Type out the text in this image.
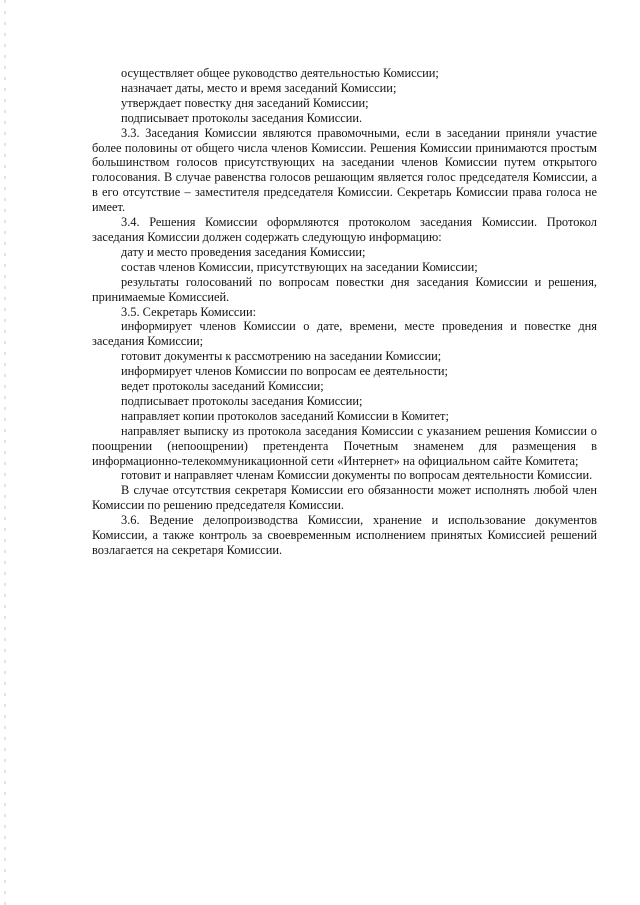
осуществляет общее руководство деятельностью Комиссии;

назначает даты, место и время заседаний Комиссии;

утверждает повестку дня заседаний Комиссии;

подписывает протоколы заседания Комиссии.

3.3. Заседания Комиссии являются правомочными, если в заседании приняли участие более половины от общего числа членов Комиссии. Решения Комиссии принимаются простым большинством голосов присутствующих на заседании членов Комиссии путем открытого голосования. В случае равенства голосов решающим является голос председателя Комиссии, а в его отсутствие – заместителя председателя Комиссии. Секретарь Комиссии права голоса не имеет.

3.4. Решения Комиссии оформляются протоколом заседания Комиссии. Протокол заседания Комиссии должен содержать следующую информацию:

дату и место проведения заседания Комиссии;

состав членов Комиссии, присутствующих на заседании Комиссии;

результаты голосований по вопросам повестки дня заседания Комиссии и решения, принимаемые Комиссией.

3.5. Секретарь Комиссии:

информирует членов Комиссии о дате, времени, месте проведения и повестке дня заседания Комиссии;

готовит документы к рассмотрению на заседании Комиссии;

информирует членов Комиссии по вопросам ее деятельности;

ведет протоколы заседаний Комиссии;

подписывает протоколы заседания Комиссии;

направляет копии протоколов заседаний Комиссии в Комитет;

направляет выписку из протокола заседания Комиссии с указанием решения Комиссии о поощрении (непоощрении) претендента Почетным знаменем для размещения в информационно-телекоммуникационной сети «Интернет» на официальном сайте Комитета;

готовит и направляет членам Комиссии документы по вопросам деятельности Комиссии.

В случае отсутствия секретаря Комиссии его обязанности может исполнять любой член Комиссии по решению председателя Комиссии.

3.6. Ведение делопроизводства Комиссии, хранение и использование документов Комиссии, а также контроль за своевременным исполнением принятых Комиссией решений возлагается на секретаря Комиссии.
